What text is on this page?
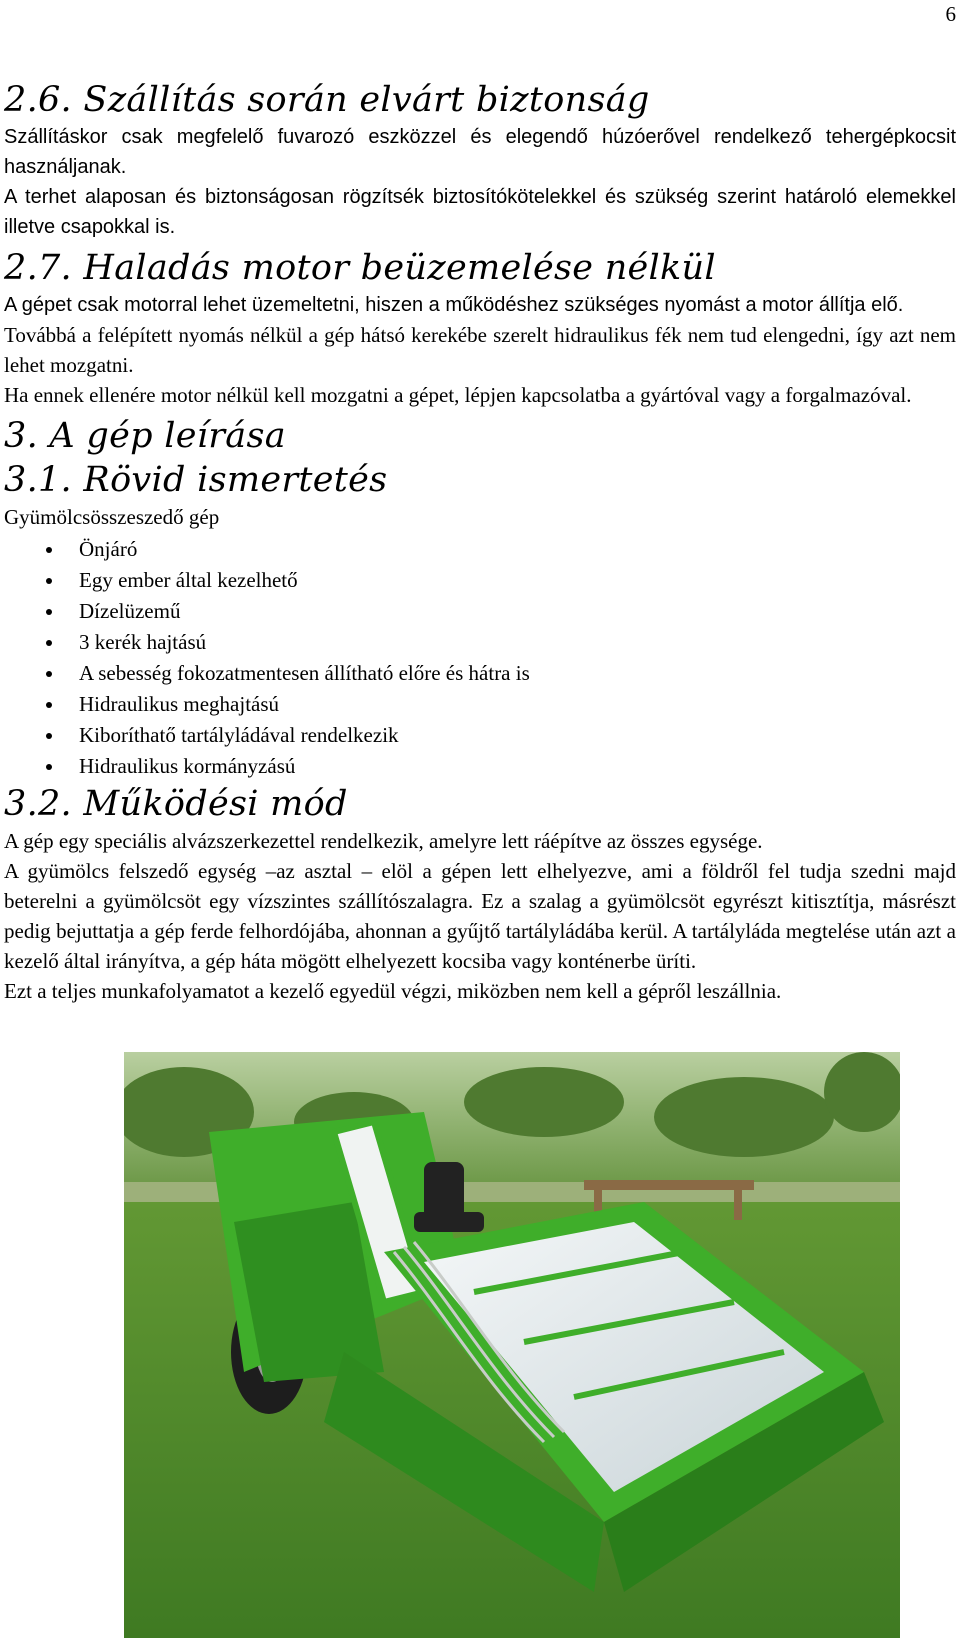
6
2.6. Szállítás során elvárt biztonság

Szállításkor csak megfelelő fuvarozó eszközzel és elegendő húzóerővel rendelkező tehergépkocsit használjanak.

A terhet alaposan és biztonságosan rögzítsék biztosítókötelekkel és szükség szerint határoló elemekkel illetve csapokkal is.

2.7. Haladás motor beüzemelése nélkül

A gépet csak motorral lehet üzemeltetni, hiszen a működéshez szükséges nyomást a motor állítja elő.

Továbbá a felépített nyomás nélkül a gép hátsó kerekébe szerelt hidraulikus fék nem tud elengedni, így azt nem lehet mozgatni.

Ha ennek ellenére motor nélkül kell mozgatni a gépet, lépjen kapcsolatba a gyártóval vagy a forgalmazóval.

3. A gép leírása
3.1. Rövid ismertetés

Gyümölcsösszeszedő gép

Önjáró
Egy ember által kezelhető
Dízelüzemű
3 kerék hajtású
A sebesség fokozatmentesen állítható előre és hátra is
Hidraulikus meghajtású
Kiboríthatő tartályládával rendelkezik
Hidraulikus kormányzású
3.2. Működési mód

A gép egy speciális alvázszerkezettel rendelkezik, amelyre lett ráépítve az összes egysége.

A gyümölcs felszedő egység –az asztal – elöl a gépen lett elhelyezve, ami a földről fel tudja szedni majd beterelni a gyümölcsöt egy vízszintes szállítószalagra. Ez a szalag a gyümölcsöt egyrészt kitisztítja, másrészt pedig bejuttatja a gép ferde felhordójába, ahonnan a gyűjtő tartályládába kerül. A tartályláda megtelése után azt a kezelő által irányítva, a gép háta mögött elhelyezett kocsiba vagy konténerbe üríti.

Ezt a teljes munkafolyamatot a kezelő egyedül végzi, miközben nem kell a gépről leszállnia.
